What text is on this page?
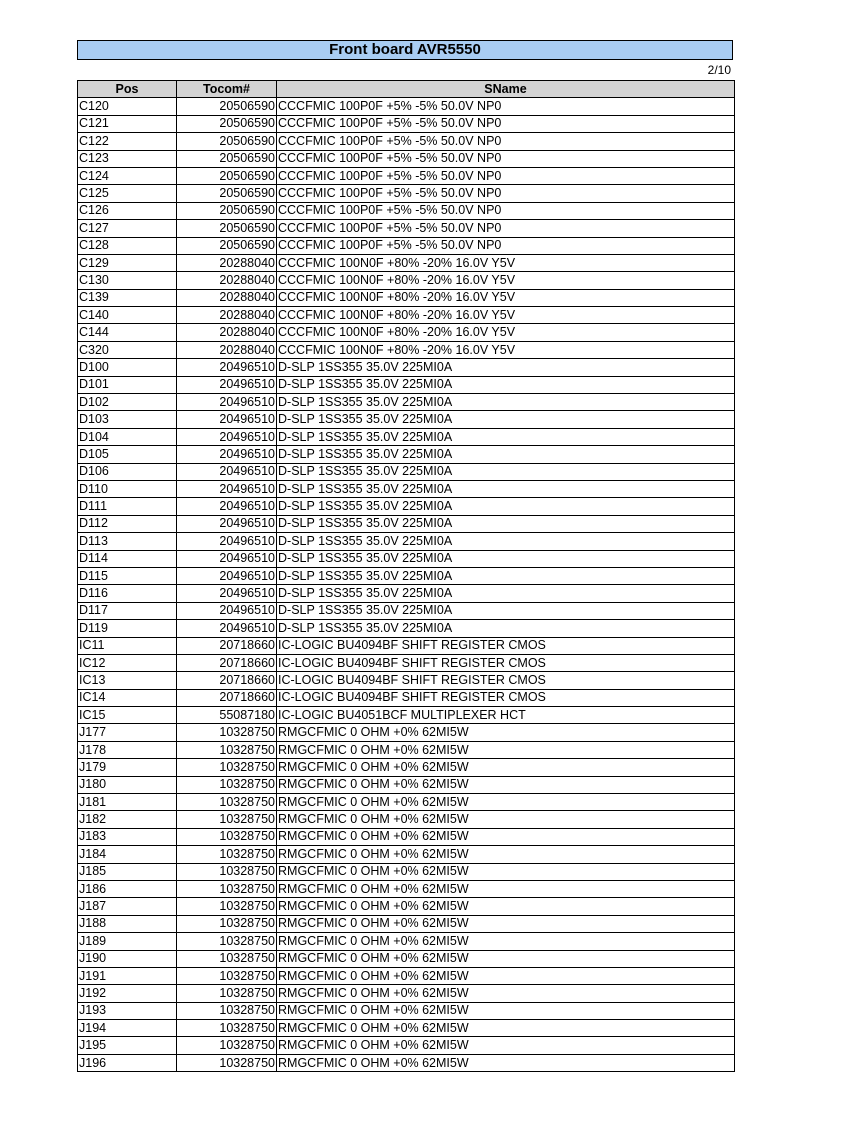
Front board AVR5550
2/10
Pos	Tocom#	SName
C120	20506590	CCCFMIC 100P0F +5% -5% 50.0V NP0
C121	20506590	CCCFMIC 100P0F +5% -5% 50.0V NP0
C122	20506590	CCCFMIC 100P0F +5% -5% 50.0V NP0
C123	20506590	CCCFMIC 100P0F +5% -5% 50.0V NP0
C124	20506590	CCCFMIC 100P0F +5% -5% 50.0V NP0
C125	20506590	CCCFMIC 100P0F +5% -5% 50.0V NP0
C126	20506590	CCCFMIC 100P0F +5% -5% 50.0V NP0
C127	20506590	CCCFMIC 100P0F +5% -5% 50.0V NP0
C128	20506590	CCCFMIC 100P0F +5% -5% 50.0V NP0
C129	20288040	CCCFMIC 100N0F +80% -20% 16.0V Y5V
C130	20288040	CCCFMIC 100N0F +80% -20% 16.0V Y5V
C139	20288040	CCCFMIC 100N0F +80% -20% 16.0V Y5V
C140	20288040	CCCFMIC 100N0F +80% -20% 16.0V Y5V
C144	20288040	CCCFMIC 100N0F +80% -20% 16.0V Y5V
C320	20288040	CCCFMIC 100N0F +80% -20% 16.0V Y5V
D100	20496510	D-SLP 1SS355 35.0V 225MI0A
D101	20496510	D-SLP 1SS355 35.0V 225MI0A
D102	20496510	D-SLP 1SS355 35.0V 225MI0A
D103	20496510	D-SLP 1SS355 35.0V 225MI0A
D104	20496510	D-SLP 1SS355 35.0V 225MI0A
D105	20496510	D-SLP 1SS355 35.0V 225MI0A
D106	20496510	D-SLP 1SS355 35.0V 225MI0A
D110	20496510	D-SLP 1SS355 35.0V 225MI0A
D111	20496510	D-SLP 1SS355 35.0V 225MI0A
D112	20496510	D-SLP 1SS355 35.0V 225MI0A
D113	20496510	D-SLP 1SS355 35.0V 225MI0A
D114	20496510	D-SLP 1SS355 35.0V 225MI0A
D115	20496510	D-SLP 1SS355 35.0V 225MI0A
D116	20496510	D-SLP 1SS355 35.0V 225MI0A
D117	20496510	D-SLP 1SS355 35.0V 225MI0A
D119	20496510	D-SLP 1SS355 35.0V 225MI0A
IC11	20718660	IC-LOGIC BU4094BF SHIFT REGISTER CMOS
IC12	20718660	IC-LOGIC BU4094BF SHIFT REGISTER CMOS
IC13	20718660	IC-LOGIC BU4094BF SHIFT REGISTER CMOS
IC14	20718660	IC-LOGIC BU4094BF SHIFT REGISTER CMOS
IC15	55087180	IC-LOGIC BU4051BCF MULTIPLEXER HCT
J177	10328750	RMGCFMIC 0 OHM +0% 62MI5W
J178	10328750	RMGCFMIC 0 OHM +0% 62MI5W
J179	10328750	RMGCFMIC 0 OHM +0% 62MI5W
J180	10328750	RMGCFMIC 0 OHM +0% 62MI5W
J181	10328750	RMGCFMIC 0 OHM +0% 62MI5W
J182	10328750	RMGCFMIC 0 OHM +0% 62MI5W
J183	10328750	RMGCFMIC 0 OHM +0% 62MI5W
J184	10328750	RMGCFMIC 0 OHM +0% 62MI5W
J185	10328750	RMGCFMIC 0 OHM +0% 62MI5W
J186	10328750	RMGCFMIC 0 OHM +0% 62MI5W
J187	10328750	RMGCFMIC 0 OHM +0% 62MI5W
J188	10328750	RMGCFMIC 0 OHM +0% 62MI5W
J189	10328750	RMGCFMIC 0 OHM +0% 62MI5W
J190	10328750	RMGCFMIC 0 OHM +0% 62MI5W
J191	10328750	RMGCFMIC 0 OHM +0% 62MI5W
J192	10328750	RMGCFMIC 0 OHM +0% 62MI5W
J193	10328750	RMGCFMIC 0 OHM +0% 62MI5W
J194	10328750	RMGCFMIC 0 OHM +0% 62MI5W
J195	10328750	RMGCFMIC 0 OHM +0% 62MI5W
J196	10328750	RMGCFMIC 0 OHM +0% 62MI5W
